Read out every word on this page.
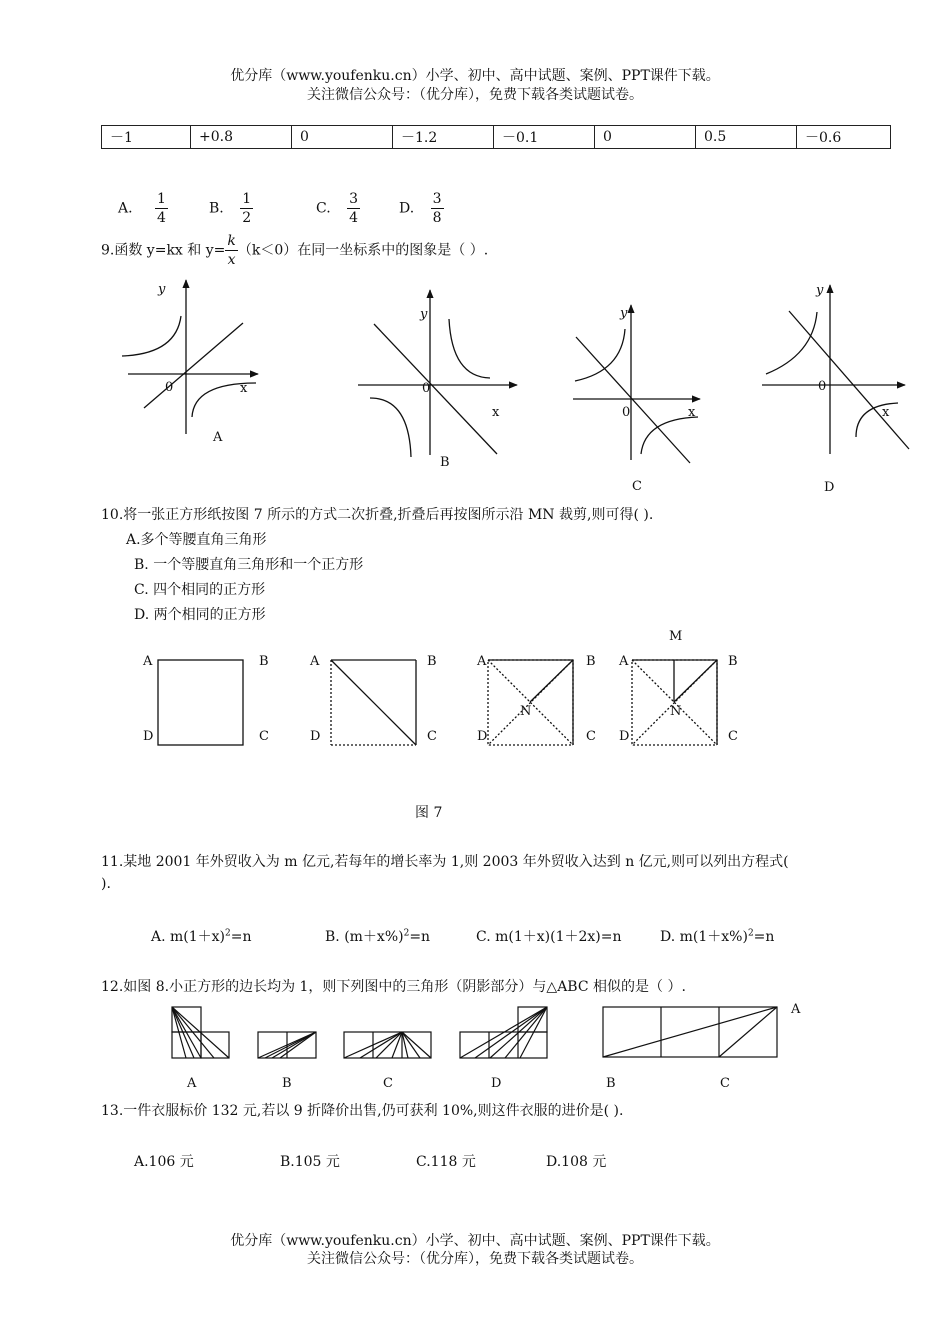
优分库（www.youfenku.cn）小学、初中、高中试题、案例、PPT课件下载。
关注微信公众号：（优分库），免费下载各类试题试卷。
－1	+0.8	0	－1.2	－0.1	0	0.5	－0.6
A. $\frac{1}{4}$	B. $\frac{1}{2}$	C. $\frac{3}{4}$	D. $\frac{3}{8}$
9.函数 y=kx 和 $y= \frac{k}{x} (k<0)$在同一坐标系中的图象是（ ）.
y
0	x
A
y
0
x
B
y
0	x
C
y
0
x
D
10.将一张正方形纸按图 7 所示的方式二次折叠,折叠后再按图所示沿 MN 裁剪,则可得( ).
A.多个等腰直角三角形
B. 一个等腰直角三角形和一个正方形
C. 四个相同的正方形
D. 两个相同的正方形
A	B
D	C
A	B
D	C
A	B
D	C
N
M
A	B
D	C
N
图 7
11.某地 2001 年外贸收入为 m 亿元,若每年的增长率为 1,则 2003 年外贸收入达到 n 亿元,则可以列出方程式(
).
A. $m(1+x)^2=n$	B. $(m+x\%)^2=n$	C. m(1＋x)(1＋2x)=n	D. $m(1+x\%)^2=n$
12.如图 8.小正方形的边长均为 1，则下列图中的三角形（阴影部分）与△ABC 相似的是（ ）.
A	B	C	D
A
B	C
13.一件衣服标价 132 元,若以 9 折降价出售,仍可获利 10%,则这件衣服的进价是( ).
A.106 元	B.105 元	C.118 元	D.108 元
优分库（www.youfenku.cn）小学、初中、高中试题、案例、PPT课件下载。
关注微信公众号：（优分库），免费下载各类试题试卷。
